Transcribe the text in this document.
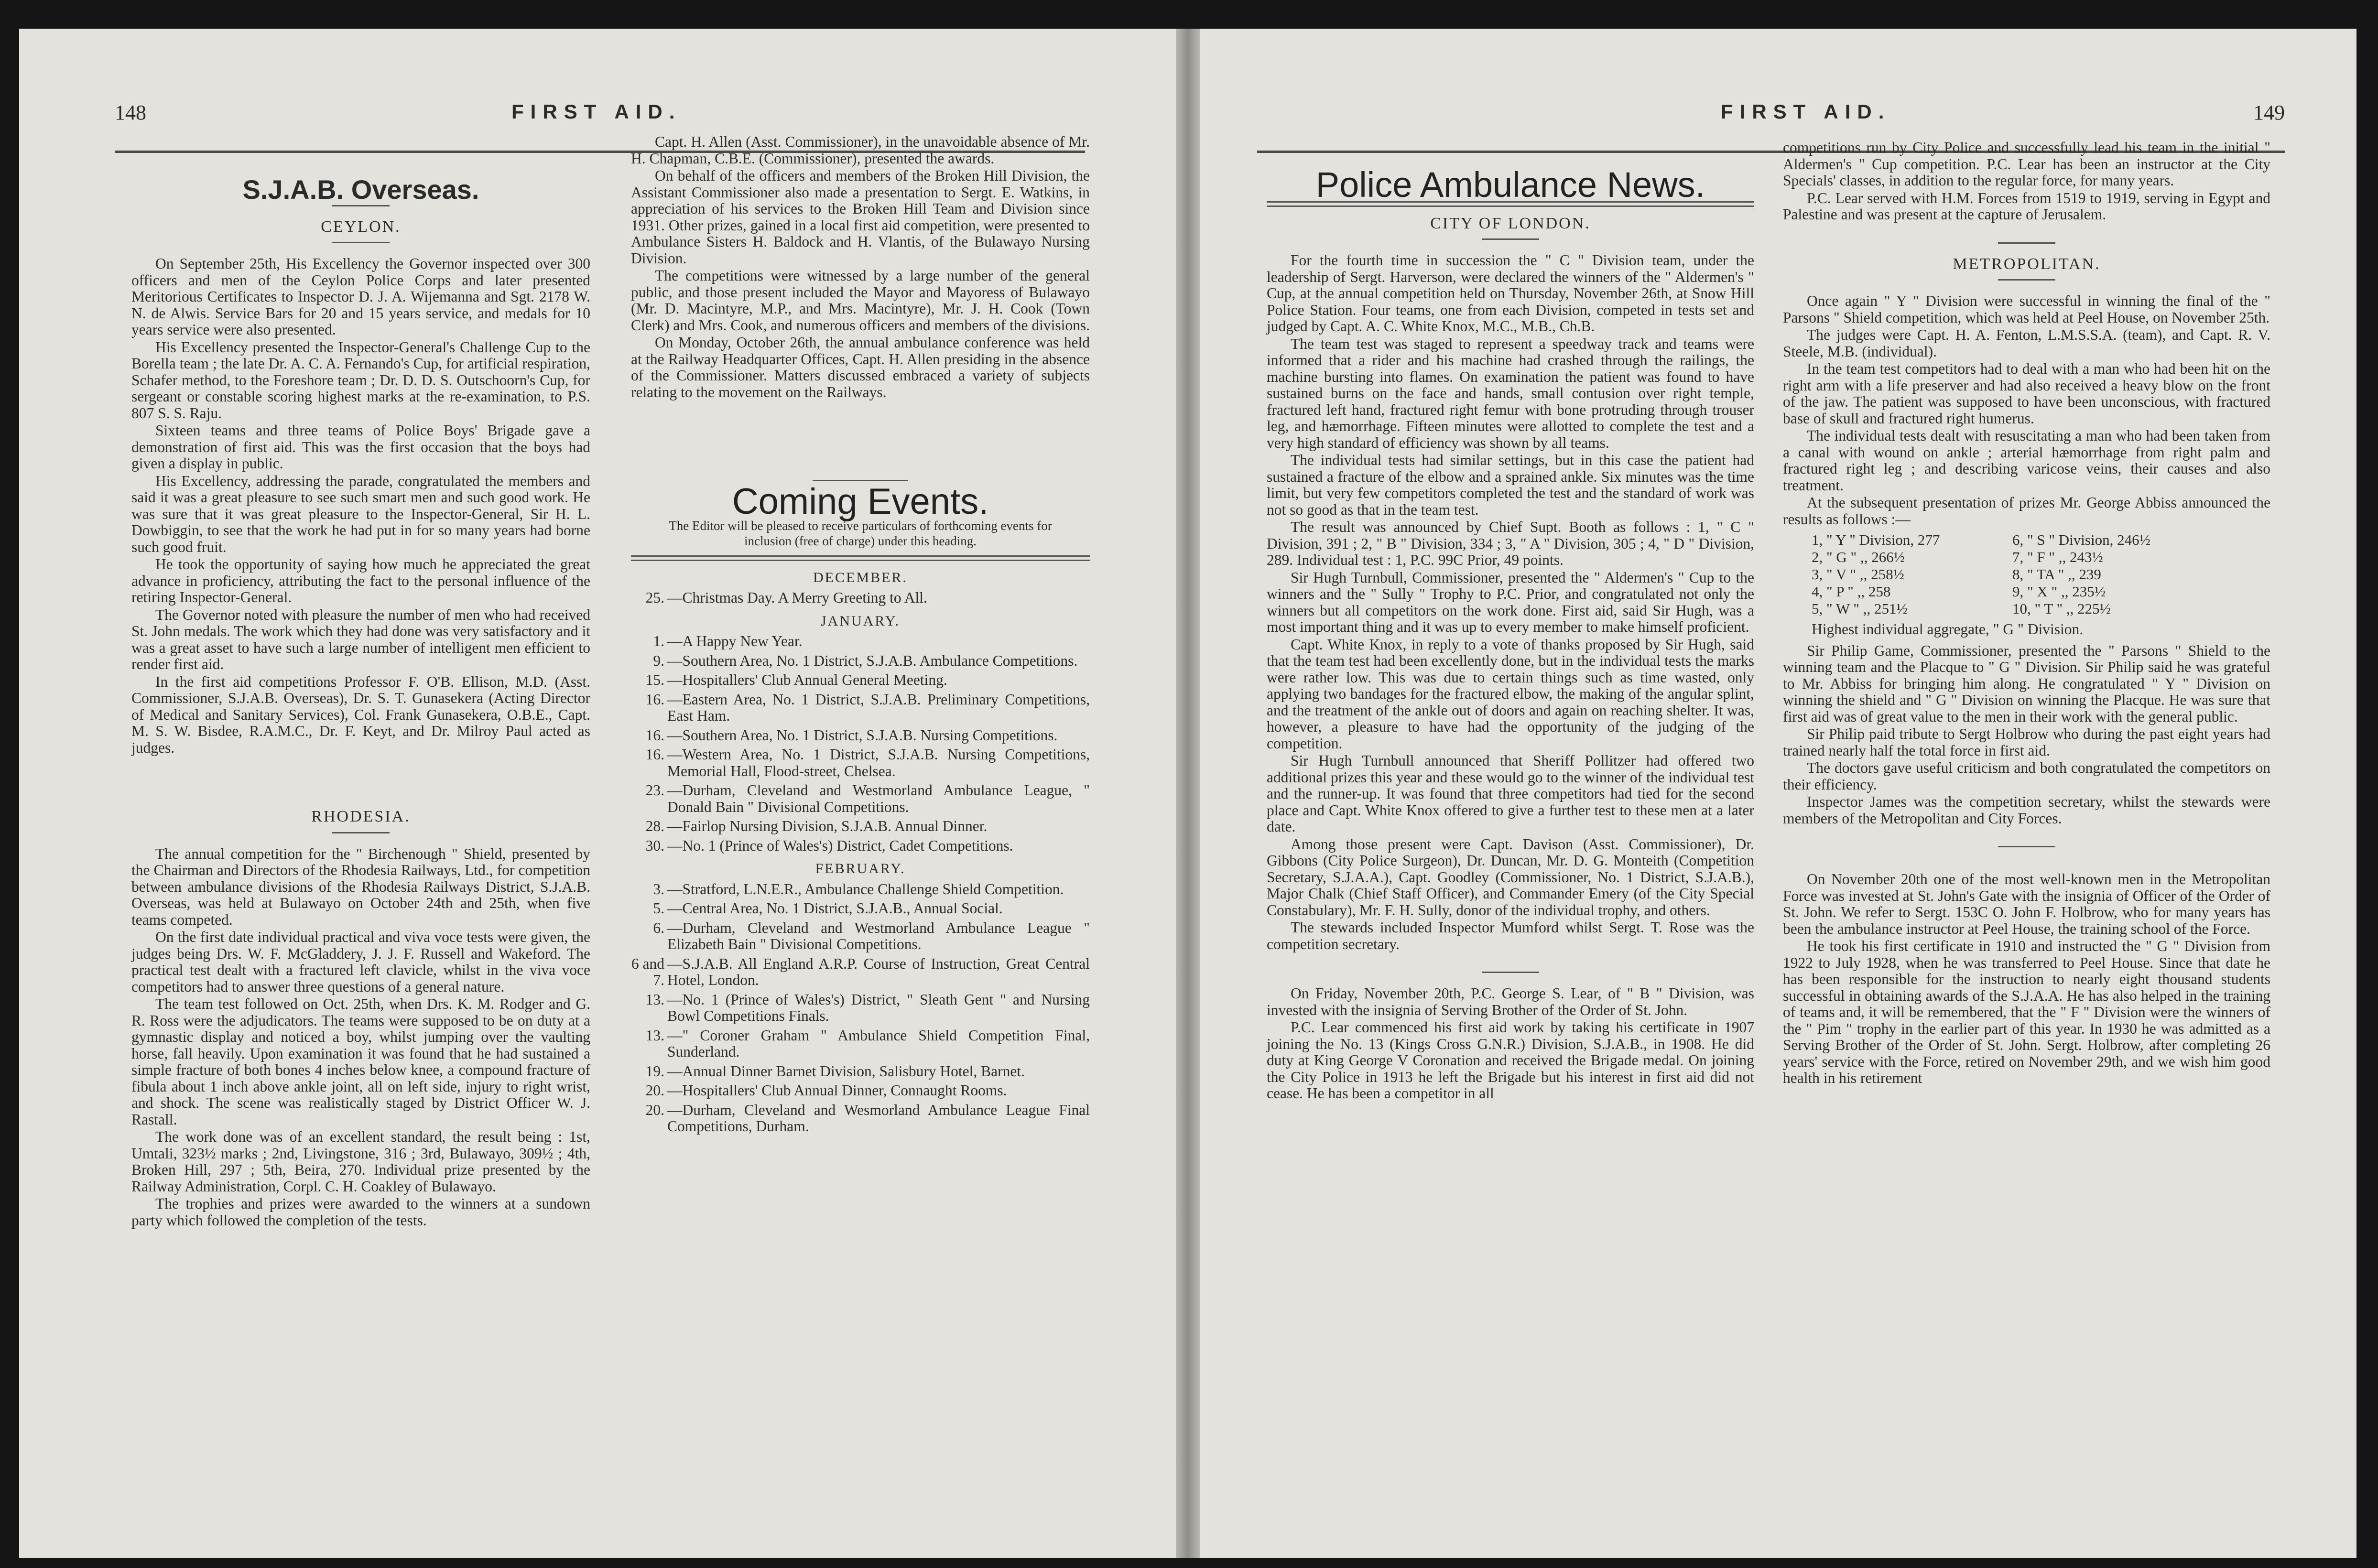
148	FIRST AID.
S.J.A.B. Overseas.
CEYLON.

On September 25th, His Excellency the Governor inspected over 300 officers and men of the Ceylon Police Corps and later presented Meritorious Certificates to Inspector D. J. A. Wijemanna and Sgt. 2178 W. N. de Alwis. Service Bars for 20 and 15 years service, and medals for 10 years service were also presented.

His Excellency presented the Inspector-General's Challenge Cup to the Borella team ; the late Dr. A. C. A. Fernando's Cup, for artificial respiration, Schafer method, to the Foreshore team ; Dr. D. D. S. Outschoorn's Cup, for sergeant or constable scoring highest marks at the re-examination, to P.S. 807 S. S. Raju.

Sixteen teams and three teams of Police Boys' Brigade gave a demonstration of first aid. This was the first occasion that the boys had given a display in public.

His Excellency, addressing the parade, congratulated the members and said it was a great pleasure to see such smart men and such good work. He was sure that it was great pleasure to the Inspector-General, Sir H. L. Dowbiggin, to see that the work he had put in for so many years had borne such good fruit.

He took the opportunity of saying how much he appreciated the great advance in proficiency, attributing the fact to the personal influence of the retiring Inspector-General.

The Governor noted with pleasure the number of men who had received St. John medals. The work which they had done was very satisfactory and it was a great asset to have such a large number of intelligent men efficient to render first aid.

In the first aid competitions Professor F. O'B. Ellison, M.D. (Asst. Commissioner, S.J.A.B. Overseas), Dr. S. T. Gunasekera (Acting Director of Medical and Sanitary Services), Col. Frank Gunasekera, O.B.E., Capt. M. S. W. Bisdee, R.A.M.C., Dr. F. Keyt, and Dr. Milroy Paul acted as judges.

RHODESIA.

The annual competition for the " Birchenough " Shield, presented by the Chairman and Directors of the Rhodesia Railways, Ltd., for competition between ambulance divisions of the Rhodesia Railways District, S.J.A.B. Overseas, was held at Bulawayo on October 24th and 25th, when five teams competed.

On the first date individual practical and viva voce tests were given, the judges being Drs. W. F. McGladdery, J. J. F. Russell and Wakeford. The practical test dealt with a fractured left clavicle, whilst in the viva voce competitors had to answer three questions of a general nature.

The team test followed on Oct. 25th, when Drs. K. M. Rodger and G. R. Ross were the adjudicators. The teams were supposed to be on duty at a gymnastic display and noticed a boy, whilst jumping over the vaulting horse, fall heavily. Upon examination it was found that he had sustained a simple fracture of both bones 4 inches below knee, a compound fracture of fibula about 1 inch above ankle joint, all on left side, injury to right wrist, and shock. The scene was realistically staged by District Officer W. J. Rastall.

The work done was of an excellent standard, the result being : 1st, Umtali, 323½ marks ; 2nd, Livingstone, 316 ; 3rd, Bulawayo, 309½ ; 4th, Broken Hill, 297 ; 5th, Beira, 270. Individual prize presented by the Railway Administration, Corpl. C. H. Coakley of Bulawayo.

The trophies and prizes were awarded to the winners at a sundown party which followed the completion of the tests.

Capt. H. Allen (Asst. Commissioner), in the unavoidable absence of Mr. H. Chapman, C.B.E. (Commissioner), presented the awards.

On behalf of the officers and members of the Broken Hill Division, the Assistant Commissioner also made a presentation to Sergt. E. Watkins, in appreciation of his services to the Broken Hill Team and Division since 1931. Other prizes, gained in a local first aid competition, were presented to Ambulance Sisters H. Baldock and H. Vlantis, of the Bulawayo Nursing Division.

The competitions were witnessed by a large number of the general public, and those present included the Mayor and Mayoress of Bulawayo (Mr. D. Macintyre, M.P., and Mrs. Macintyre), Mr. J. H. Cook (Town Clerk) and Mrs. Cook, and numerous officers and members of the divisions.

On Monday, October 26th, the annual ambulance conference was held at the Railway Headquarter Offices, Capt. H. Allen presiding in the absence of the Commissioner. Matters discussed embraced a variety of subjects relating to the movement on the Railways.

Coming Events.
The Editor will be pleased to receive particulars of forthcoming events for inclusion (free of charge) under this heading.
DECEMBER.
25. —Christmas Day. A Merry Greeting to All.
JANUARY.
1. —A Happy New Year.
9. —Southern Area, No. 1 District, S.J.A.B. Ambulance Competitions.
15. —Hospitallers' Club Annual General Meeting.
16. —Eastern Area, No. 1 District, S.J.A.B. Preliminary Competitions, East Ham.
16. —Southern Area, No. 1 District, S.J.A.B. Nursing Competitions.
16. —Western Area, No. 1 District, S.J.A.B. Nursing Competitions, Memorial Hall, Flood-street, Chelsea.
23. —Durham, Cleveland and Westmorland Ambulance League, " Donald Bain " Divisional Competitions.
28. —Fairlop Nursing Division, S.J.A.B. Annual Dinner.
30. —No. 1 (Prince of Wales's) District, Cadet Competitions.
FEBRUARY.
3. —Stratford, L.N.E.R., Ambulance Challenge Shield Competition.
5. —Central Area, No. 1 District, S.J.A.B., Annual Social.
6. —Durham, Cleveland and Westmorland Ambulance League " Elizabeth Bain " Divisional Competitions.
6 and 7.
—S.J.A.B. All England A.R.P. Course of Instruction, Great Central Hotel, London.
13. —No. 1 (Prince of Wales's) District, " Sleath Gent " and Nursing Bowl Competitions Finals.
13. —" Coroner Graham " Ambulance Shield Competition Final, Sunderland.
19. —Annual Dinner Barnet Division, Salisbury Hotel, Barnet.
20. —Hospitallers' Club Annual Dinner, Connaught Rooms.
20. —Durham, Cleveland and Wesmorland Ambulance League Final Competitions, Durham.
FIRST AID.	149
Police Ambulance News.
CITY OF LONDON.

For the fourth time in succession the " C " Division team, under the leadership of Sergt. Harverson, were declared the winners of the " Aldermen's " Cup, at the annual competition held on Thursday, November 26th, at Snow Hill Police Station. Four teams, one from each Division, competed in tests set and judged by Capt. A. C. White Knox, M.C., M.B., Ch.B.

The team test was staged to represent a speedway track and teams were informed that a rider and his machine had crashed through the railings, the machine bursting into flames. On examination the patient was found to have sustained burns on the face and hands, small contusion over right temple, fractured left hand, fractured right femur with bone protruding through trouser leg, and hæmorrhage. Fifteen minutes were allotted to complete the test and a very high standard of efficiency was shown by all teams.

The individual tests had similar settings, but in this case the patient had sustained a fracture of the elbow and a sprained ankle. Six minutes was the time limit, but very few competitors completed the test and the standard of work was not so good as that in the team test.

The result was announced by Chief Supt. Booth as follows : 1, " C " Division, 391 ; 2, " B " Division, 334 ; 3, " A " Division, 305 ; 4, " D " Division, 289. Individual test : 1, P.C. 99C Prior, 49 points.

Sir Hugh Turnbull, Commissioner, presented the " Aldermen's " Cup to the winners and the " Sully " Trophy to P.C. Prior, and congratulated not only the winners but all competitors on the work done. First aid, said Sir Hugh, was a most important thing and it was up to every member to make himself proficient.

Capt. White Knox, in reply to a vote of thanks proposed by Sir Hugh, said that the team test had been excellently done, but in the individual tests the marks were rather low. This was due to certain things such as time wasted, only applying two bandages for the fractured elbow, the making of the angular splint, and the treatment of the ankle out of doors and again on reaching shelter. It was, however, a pleasure to have had the opportunity of the judging of the competition.

Sir Hugh Turnbull announced that Sheriff Pollitzer had offered two additional prizes this year and these would go to the winner of the individual test and the runner-up. It was found that three competitors had tied for the second place and Capt. White Knox offered to give a further test to these men at a later date.

Among those present were Capt. Davison (Asst. Commissioner), Dr. Gibbons (City Police Surgeon), Dr. Duncan, Mr. D. G. Monteith (Competition Secretary, S.J.A.A.), Capt. Goodley (Commissioner, No. 1 District, S.J.A.B.), Major Chalk (Chief Staff Officer), and Commander Emery (of the City Special Constabulary), Mr. F. H. Sully, donor of the individual trophy, and others.

The stewards included Inspector Mumford whilst Sergt. T. Rose was the competition secretary.

On Friday, November 20th, P.C. George S. Lear, of " B " Division, was invested with the insignia of Serving Brother of the Order of St. John.

P.C. Lear commenced his first aid work by taking his certificate in 1907 joining the No. 13 (Kings Cross G.N.R.) Division, S.J.A.B., in 1908. He did duty at King George V Coronation and received the Brigade medal. On joining the City Police in 1913 he left the Brigade but his interest in first aid did not cease. He has been a competitor in all

competitions run by City Police and successfully lead his team in the initial " Aldermen's " Cup competition. P.C. Lear has been an instructor at the City Specials' classes, in addition to the regular force, for many years.

P.C. Lear served with H.M. Forces from 1519 to 1919, serving in Egypt and Palestine and was present at the capture of Jerusalem.

METROPOLITAN.

Once again " Y " Division were successful in winning the final of the " Parsons " Shield competition, which was held at Peel House, on November 25th.

The judges were Capt. H. A. Fenton, L.M.S.S.A. (team), and Capt. R. V. Steele, M.B. (individual).

In the team test competitors had to deal with a man who had been hit on the right arm with a life preserver and had also received a heavy blow on the front of the jaw. The patient was supposed to have been unconscious, with fractured base of skull and fractured right humerus.

The individual tests dealt with resuscitating a man who had been taken from a canal with wound on ankle ; arterial hæmorrhage from right palm and fractured right leg ; and describing varicose veins, their causes and also treatment.

At the subsequent presentation of prizes Mr. George Abbiss announced the results as follows :—

1, " Y " Division, 277	6, " S " Division, 246½
2, " G " ,, 266½	7, " F " ,, 243½
3, " V " ,, 258½	8, " TA " ,, 239
4, " P " ,, 258	9, " X " ,, 235½
5, " W " ,, 251½	10, " T " ,, 225½

Highest individual aggregate, " G " Division.

Sir Philip Game, Commissioner, presented the " Parsons " Shield to the winning team and the Placque to " G " Division. Sir Philip said he was grateful to Mr. Abbiss for bringing him along. He congratulated " Y " Division on winning the shield and " G " Division on winning the Placque. He was sure that first aid was of great value to the men in their work with the general public.

Sir Philip paid tribute to Sergt Holbrow who during the past eight years had trained nearly half the total force in first aid.

The doctors gave useful criticism and both congratulated the competitors on their efficiency.

Inspector James was the competition secretary, whilst the stewards were members of the Metropolitan and City Forces.

On November 20th one of the most well-known men in the Metropolitan Force was invested at St. John's Gate with the insignia of Officer of the Order of St. John. We refer to Sergt. 153C O. John F. Holbrow, who for many years has been the ambulance instructor at Peel House, the training school of the Force.

He took his first certificate in 1910 and instructed the " G " Division from 1922 to July 1928, when he was transferred to Peel House. Since that date he has been responsible for the instruction to nearly eight thousand students successful in obtaining awards of the S.J.A.A. He has also helped in the training of teams and, it will be remembered, that the " F " Division were the winners of the " Pim " trophy in the earlier part of this year. In 1930 he was admitted as a Serving Brother of the Order of St. John. Sergt. Holbrow, after completing 26 years' service with the Force, retired on November 29th, and we wish him good health in his retirement
